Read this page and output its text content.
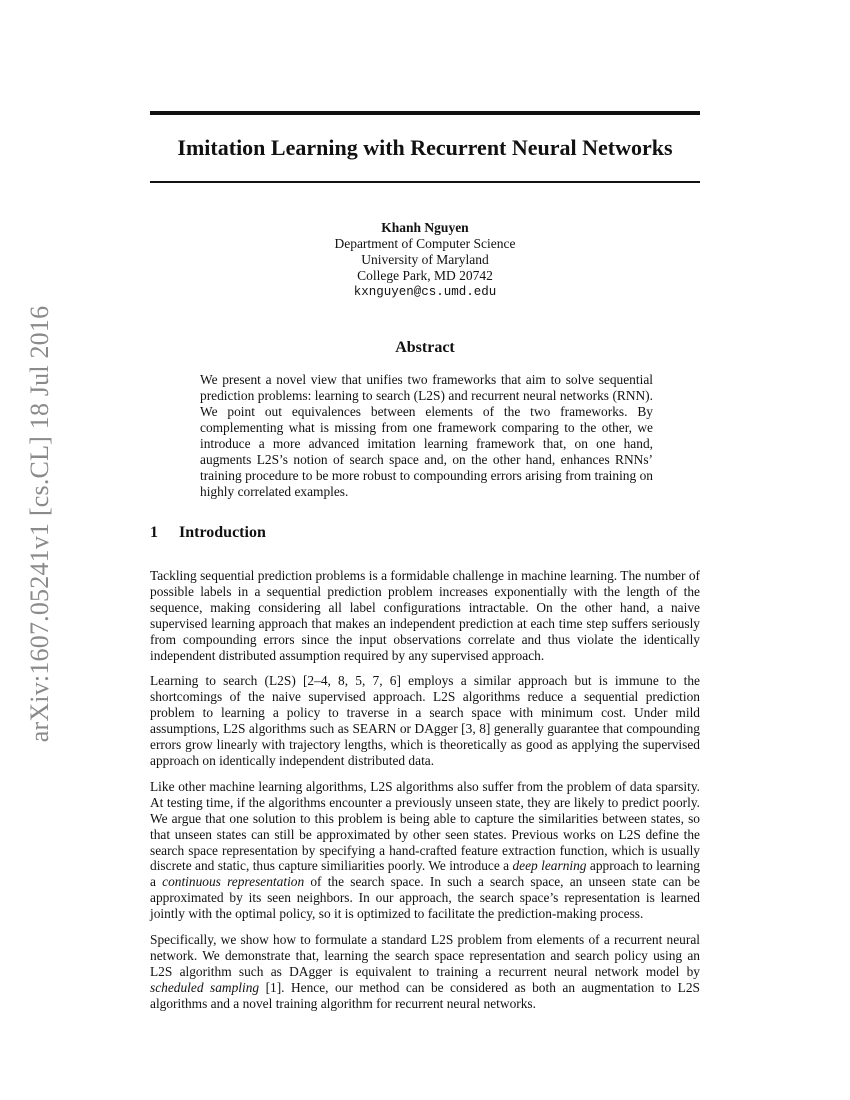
arXiv:1607.05241v1 [cs.CL] 18 Jul 2016
Imitation Learning with Recurrent Neural Networks
Khanh Nguyen
Department of Computer Science
University of Maryland
College Park, MD 20742
kxnguyen@cs.umd.edu
Abstract
We present a novel view that unifies two frameworks that aim to solve sequential prediction problems: learning to search (L2S) and recurrent neural networks (RNN). We point out equivalences between elements of the two frameworks. By complementing what is missing from one framework comparing to the other, we introduce a more advanced imitation learning framework that, on one hand, augments L2S’s notion of search space and, on the other hand, enhances RNNs’ training procedure to be more robust to compounding errors arising from training on highly correlated examples.
1 Introduction

Tackling sequential prediction problems is a formidable challenge in machine learning. The number of possible labels in a sequential prediction problem increases exponentially with the length of the sequence, making considering all label configurations intractable. On the other hand, a naive supervised learning approach that makes an independent prediction at each time step suffers seriously from compounding errors since the input observations correlate and thus violate the identically independent distributed assumption required by any supervised approach.

Learning to search (L2S) [2–4, 8, 5, 7, 6] employs a similar approach but is immune to the shortcomings of the naive supervised approach. L2S algorithms reduce a sequential prediction problem to learning a policy to traverse in a search space with minimum cost. Under mild assumptions, L2S algorithms such as SEARN or DAgger [3, 8] generally guarantee that compounding errors grow linearly with trajectory lengths, which is theoretically as good as applying the supervised approach on identically independent distributed data.

Like other machine learning algorithms, L2S algorithms also suffer from the problem of data sparsity. At testing time, if the algorithms encounter a previously unseen state, they are likely to predict poorly. We argue that one solution to this problem is being able to capture the similarities between states, so that unseen states can still be approximated by other seen states. Previous works on L2S define the search space representation by specifying a hand-crafted feature extraction function, which is usually discrete and static, thus capture similiarities poorly. We introduce a deep learning approach to learning a continuous representation of the search space. In such a search space, an unseen state can be approximated by its seen neighbors. In our approach, the search space’s representation is learned jointly with the optimal policy, so it is optimized to facilitate the prediction-making process.

Specifically, we show how to formulate a standard L2S problem from elements of a recurrent neural network. We demonstrate that, learning the search space representation and search policy using an L2S algorithm such as DAgger is equivalent to training a recurrent neural network model by scheduled sampling [1]. Hence, our method can be considered as both an augmentation to L2S algorithms and a novel training algorithm for recurrent neural networks.
